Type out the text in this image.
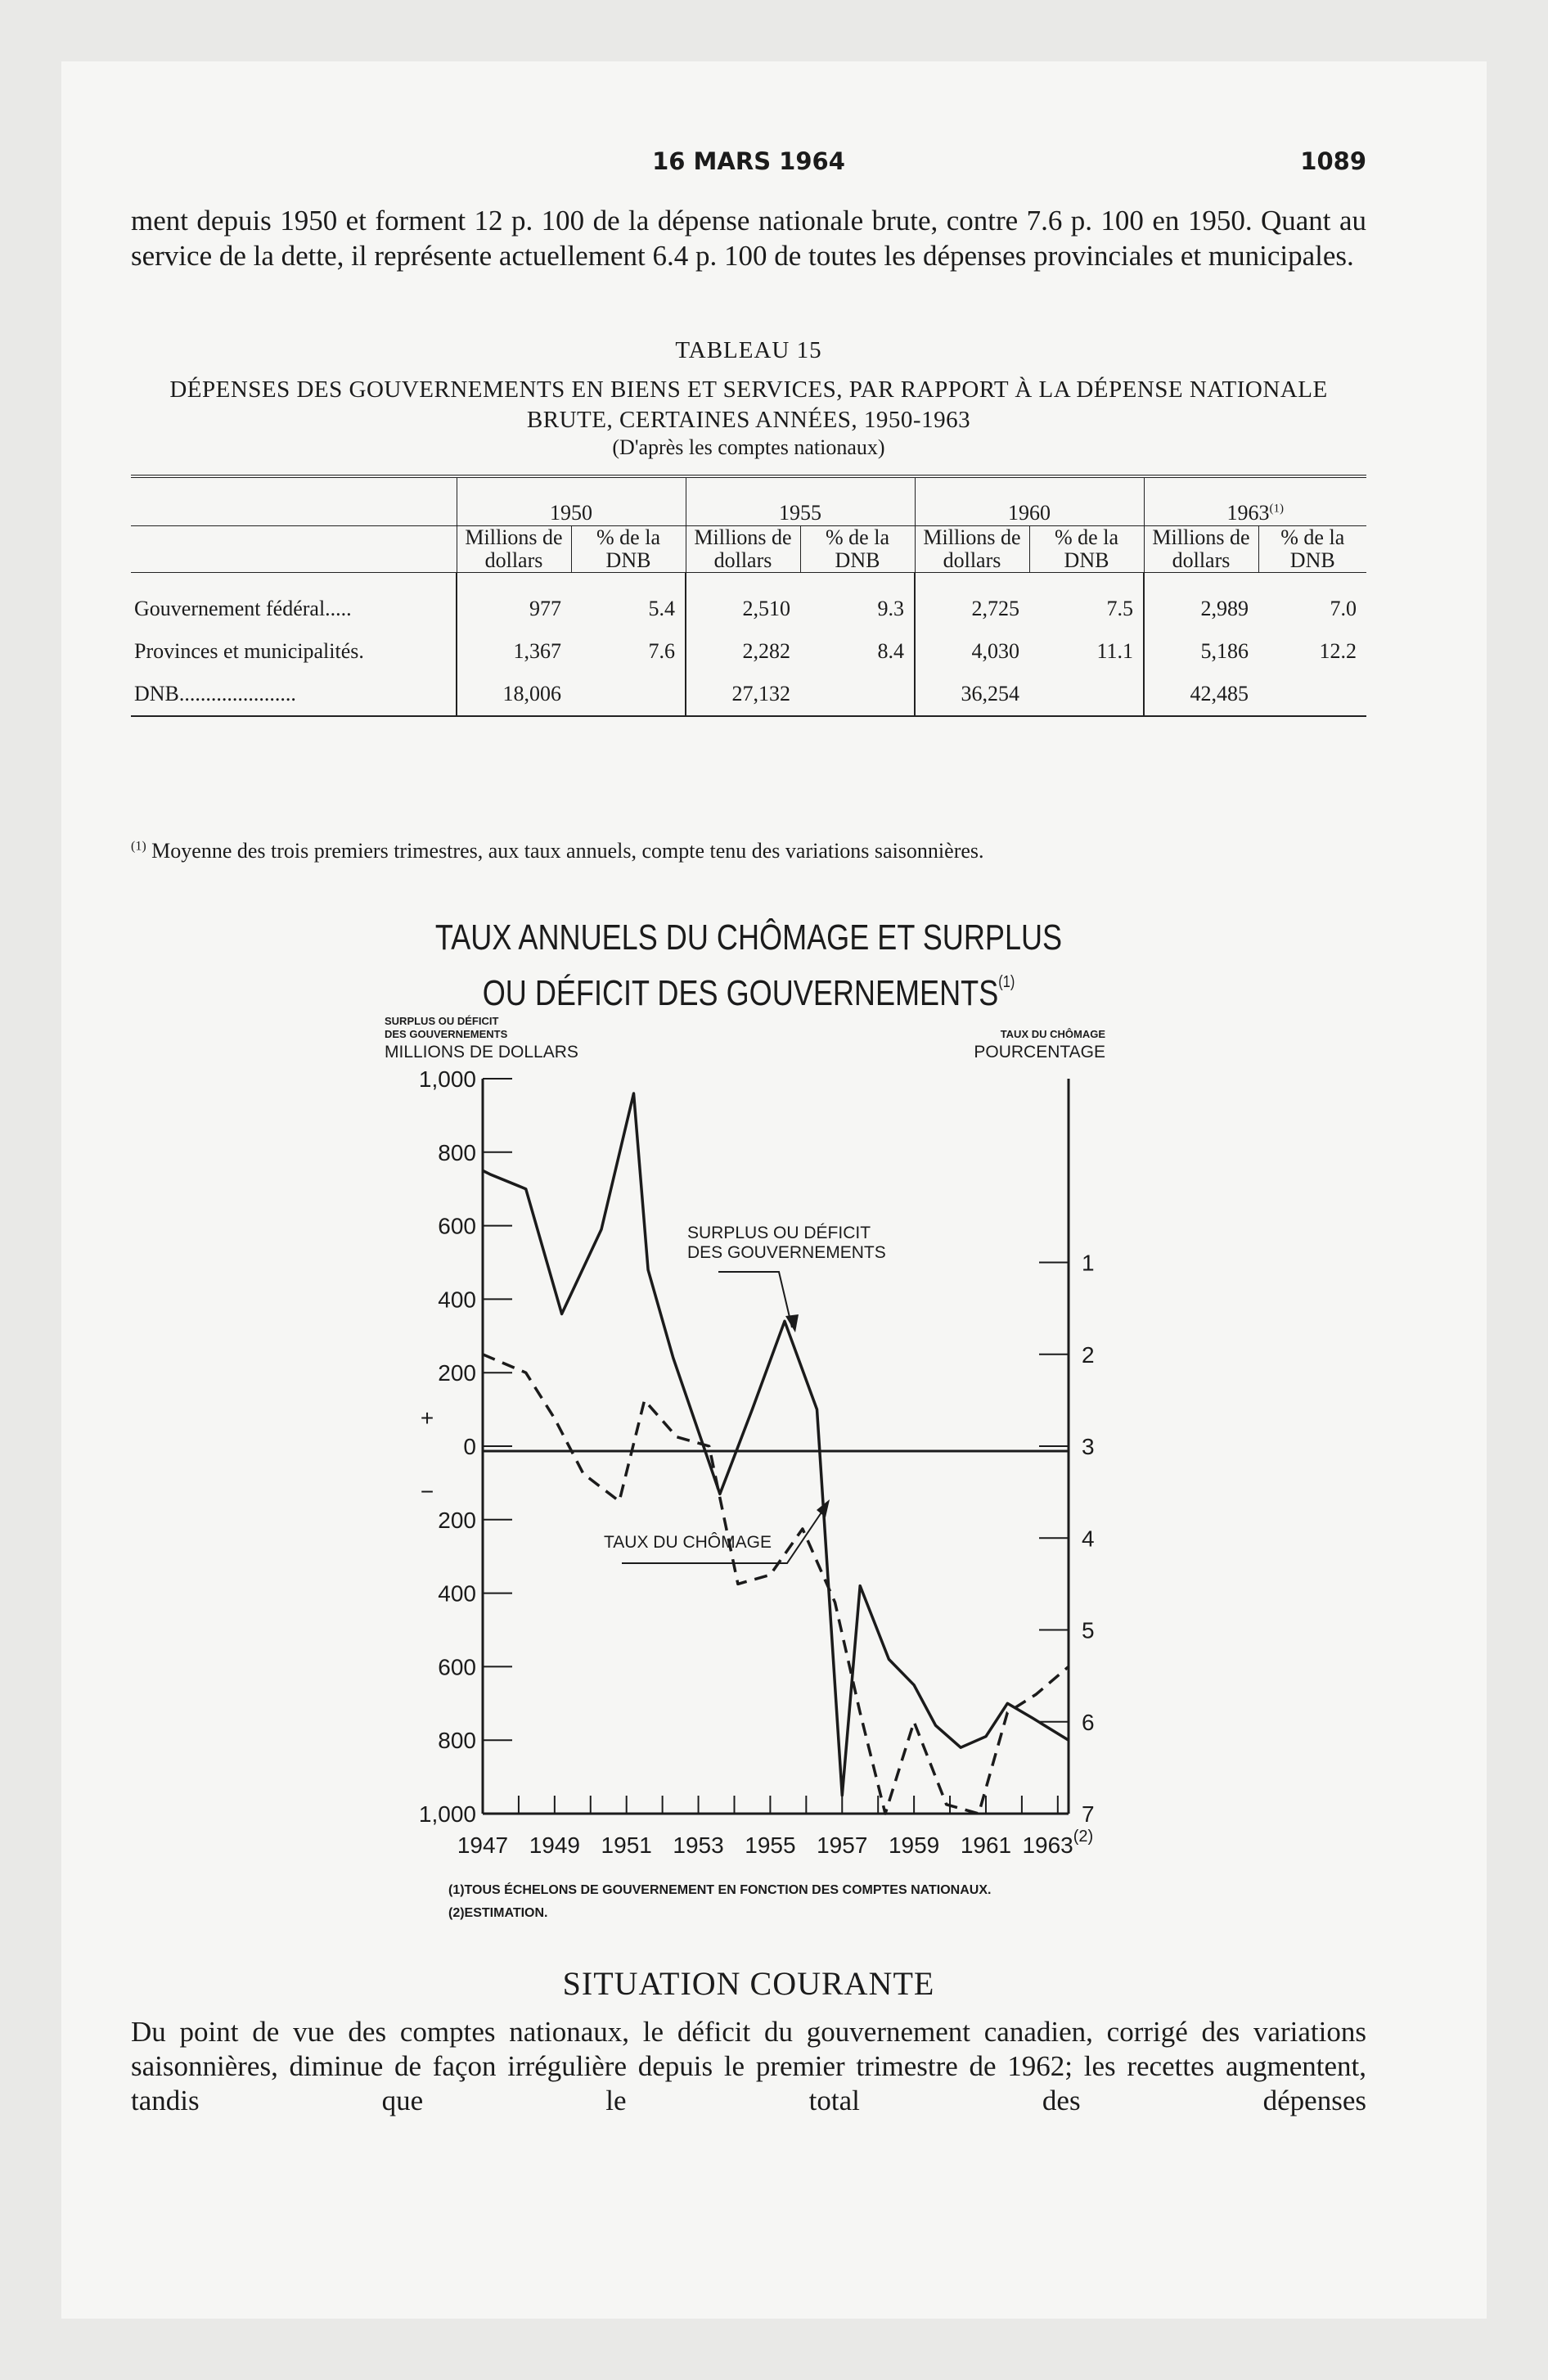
16 MARS 1964	1089

ment depuis 1950 et forment 12 p. 100 de la dépense nationale brute, contre 7.6 p. 100 en 1950. Quant au service de la dette, il représente actuellement 6.4 p. 100 de toutes les dépenses provinciales et municipales.

TABLEAU 15

DÉPENSES DES GOUVERNEMENTS EN BIENS ET SERVICES, PAR RAPPORT À LA DÉPENSE NATIONALE BRUTE, CERTAINES ANNÉES, 1950-1963

(D'après les comptes nationaux)

	1950		1955		1960		1963$^{(1)}$
	Millions de dollars	% de la DNB	Millions de dollars	% de la DNB	Millions de dollars	% de la DNB	Millions de dollars	% de la DNB
Gouvernement fédéral.....	977	5.4	2,510	9.3	2,725	7.5	2,989	7.0
Provinces et municipalités.	1,367	7.6	2,282	8.4	4,030	11.1	5,186	12.2
DNB......................	18,006		27,132		36,254		42,485	

$^{(1)}$ Moyenne des trois premiers trimestres, aux taux annuels, compte tenu des variations saisonnières.

TAUX ANNUELS DU CHÔMAGE ET SURPLUS
OU DÉFICIT DES GOUVERNEMENTS$^{(1)}$
SURPLUS OU DÉFICIT
DES GOUVERNEMENTS
MILLIONS DE DOLLARS
TAUX DU CHÔMAGE
POURCENTAGE
1,000
800
600
400
200
0
200
400
600
800
1,000
1
2
3
4
5
6
7
1947 1949 1951 1953 1955 1957 1959 1961 $1963^{(2)}$
+
−
SURPLUS OU DÉFICIT
DES GOUVERNEMENTS
TAUX DU CHÔMAGE
(1)TOUS ÉCHELONS DE GOUVERNEMENT EN FONCTION DES COMPTES NATIONAUX.
(2)ESTIMATION.

SITUATION COURANTE

Du point de vue des comptes nationaux, le déficit du gouvernement canadien, corrigé des variations saisonnières, diminue de façon irrégulière depuis le premier trimestre de 1962; les recettes augmentent, tandis que le total des dépenses
